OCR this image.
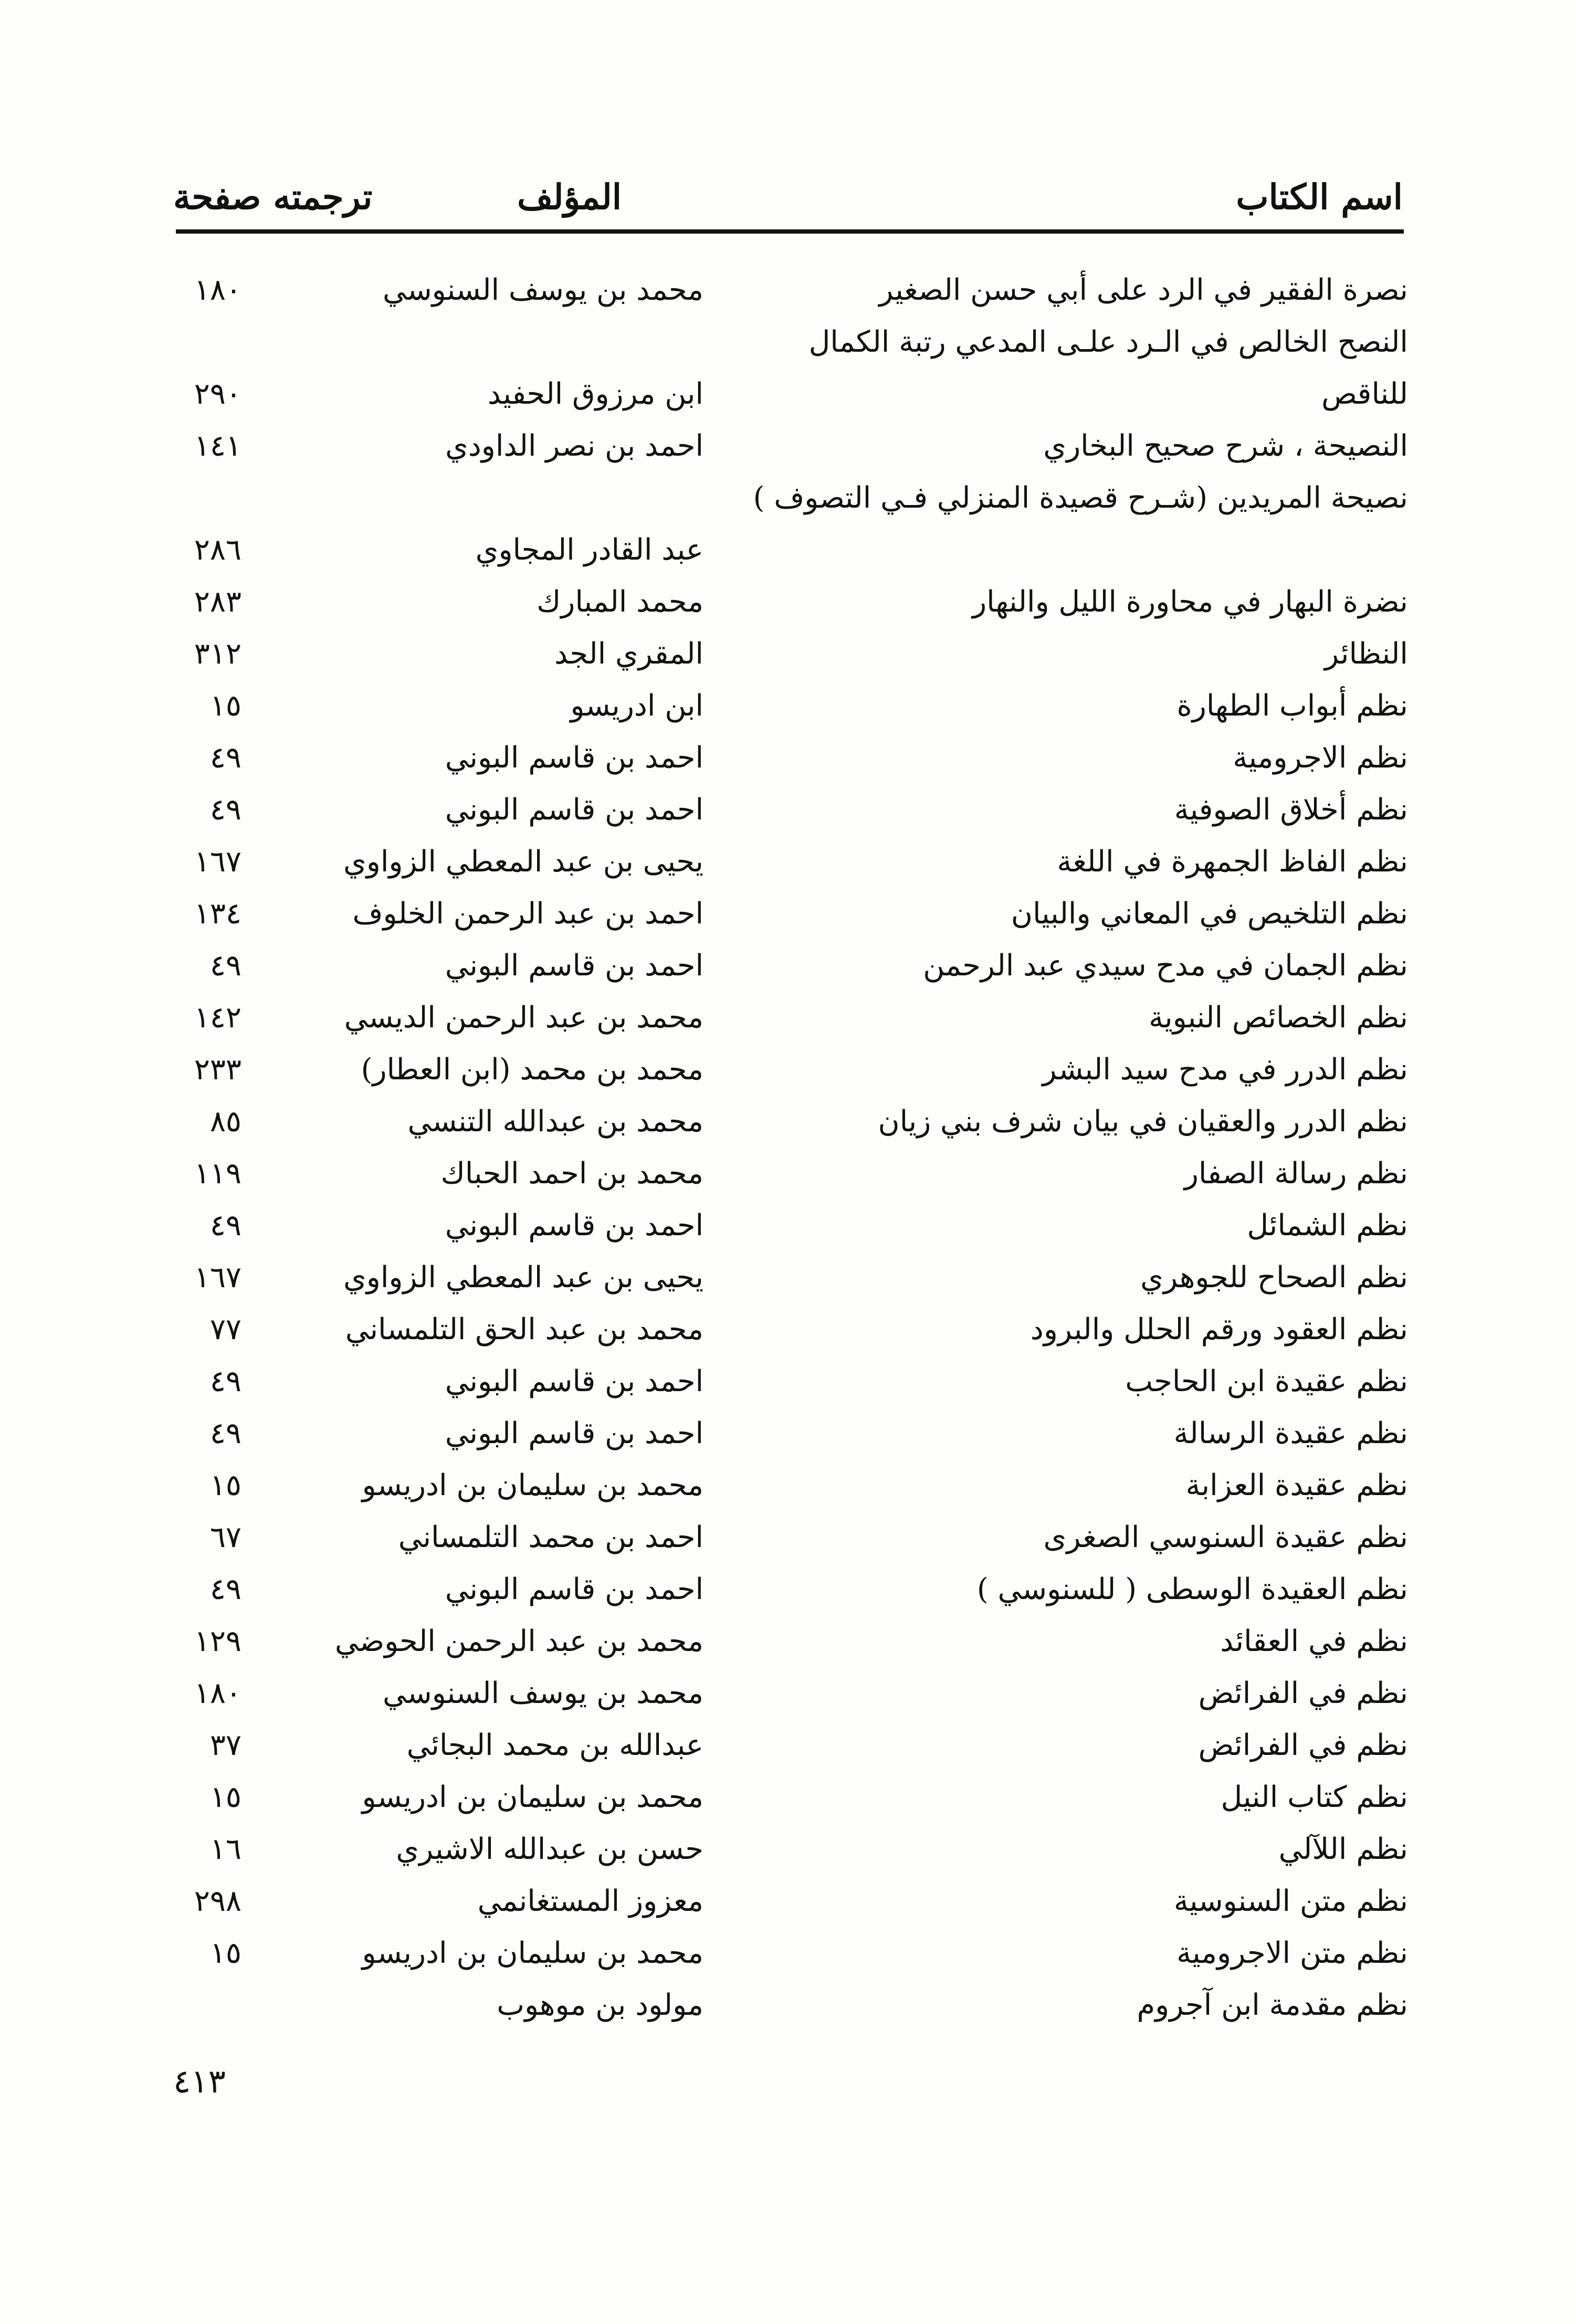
اسم الكتاب
المؤلف
ترجمته صفحة
نصرة الفقير في الرد على أبي حسن الصغير
محمد بن يوسف السنوسي
١٨٠
النصح الخالص في الـرد علـى المدعي رتبة الكمال للناقص
ابن مرزوق الحفيد
٢٩٠
النصيحة ، شرح صحيح البخاري
احمد بن نصر الداودي
١٤١
نصيحة المريدين (شـرح قصيدة المنزلي فـي التصوف )
عبد القادر المجاوي
٢٨٦
نضرة البهار في محاورة الليل والنهار
محمد المبارك
٢٨٣
النظائر
المقري الجد
٣١٢
نظم أبواب الطهارة
ابن ادريسو
١٥
نظم الاجرومية
احمد بن قاسم البوني
٤٩
نظم أخلاق الصوفية
احمد بن قاسم البوني
٤٩
نظم الفاظ الجمهرة في اللغة
يحيى بن عبد المعطي الزواوي
١٦٧
نظم التلخيص في المعاني والبيان
احمد بن عبد الرحمن الخلوف
١٣٤
نظم الجمان في مدح سيدي عبد الرحمن
احمد بن قاسم البوني
٤٩
نظم الخصائص النبوية
محمد بن عبد الرحمن الديسي
١٤٢
نظم الدرر في مدح سيد البشر
محمد بن محمد (ابن العطار)
٢٣٣
نظم الدرر والعقيان في بيان شرف بني زيان
محمد بن عبدالله التنسي
٨٥
نظم رسالة الصفار
محمد بن احمد الحباك
١١٩
نظم الشمائل
احمد بن قاسم البوني
٤٩
نظم الصحاح للجوهري
يحيى بن عبد المعطي الزواوي
١٦٧
نظم العقود ورقم الحلل والبرود
محمد بن عبد الحق التلمساني
٧٧
نظم عقيدة ابن الحاجب
احمد بن قاسم البوني
٤٩
نظم عقيدة الرسالة
احمد بن قاسم البوني
٤٩
نظم عقيدة العزابة
محمد بن سليمان بن ادريسو
١٥
نظم عقيدة السنوسي الصغرى
احمد بن محمد التلمساني
٦٧
نظم العقيدة الوسطى ( للسنوسي )
احمد بن قاسم البوني
٤٩
نظم في العقائد
محمد بن عبد الرحمن الحوضي
١٢٩
نظم في الفرائض
محمد بن يوسف السنوسي
١٨٠
نظم في الفرائض
عبدالله بن محمد البجائي
٣٧
نظم كتاب النيل
محمد بن سليمان بن ادريسو
١٥
نظم اللآلي
حسن بن عبدالله الاشيري
١٦
نظم متن السنوسية
معزوز المستغانمي
٢٩٨
نظم متن الاجرومية
محمد بن سليمان بن ادريسو
١٥
نظم مقدمة ابن آجروم
مولود بن موهوب
٤١٣
